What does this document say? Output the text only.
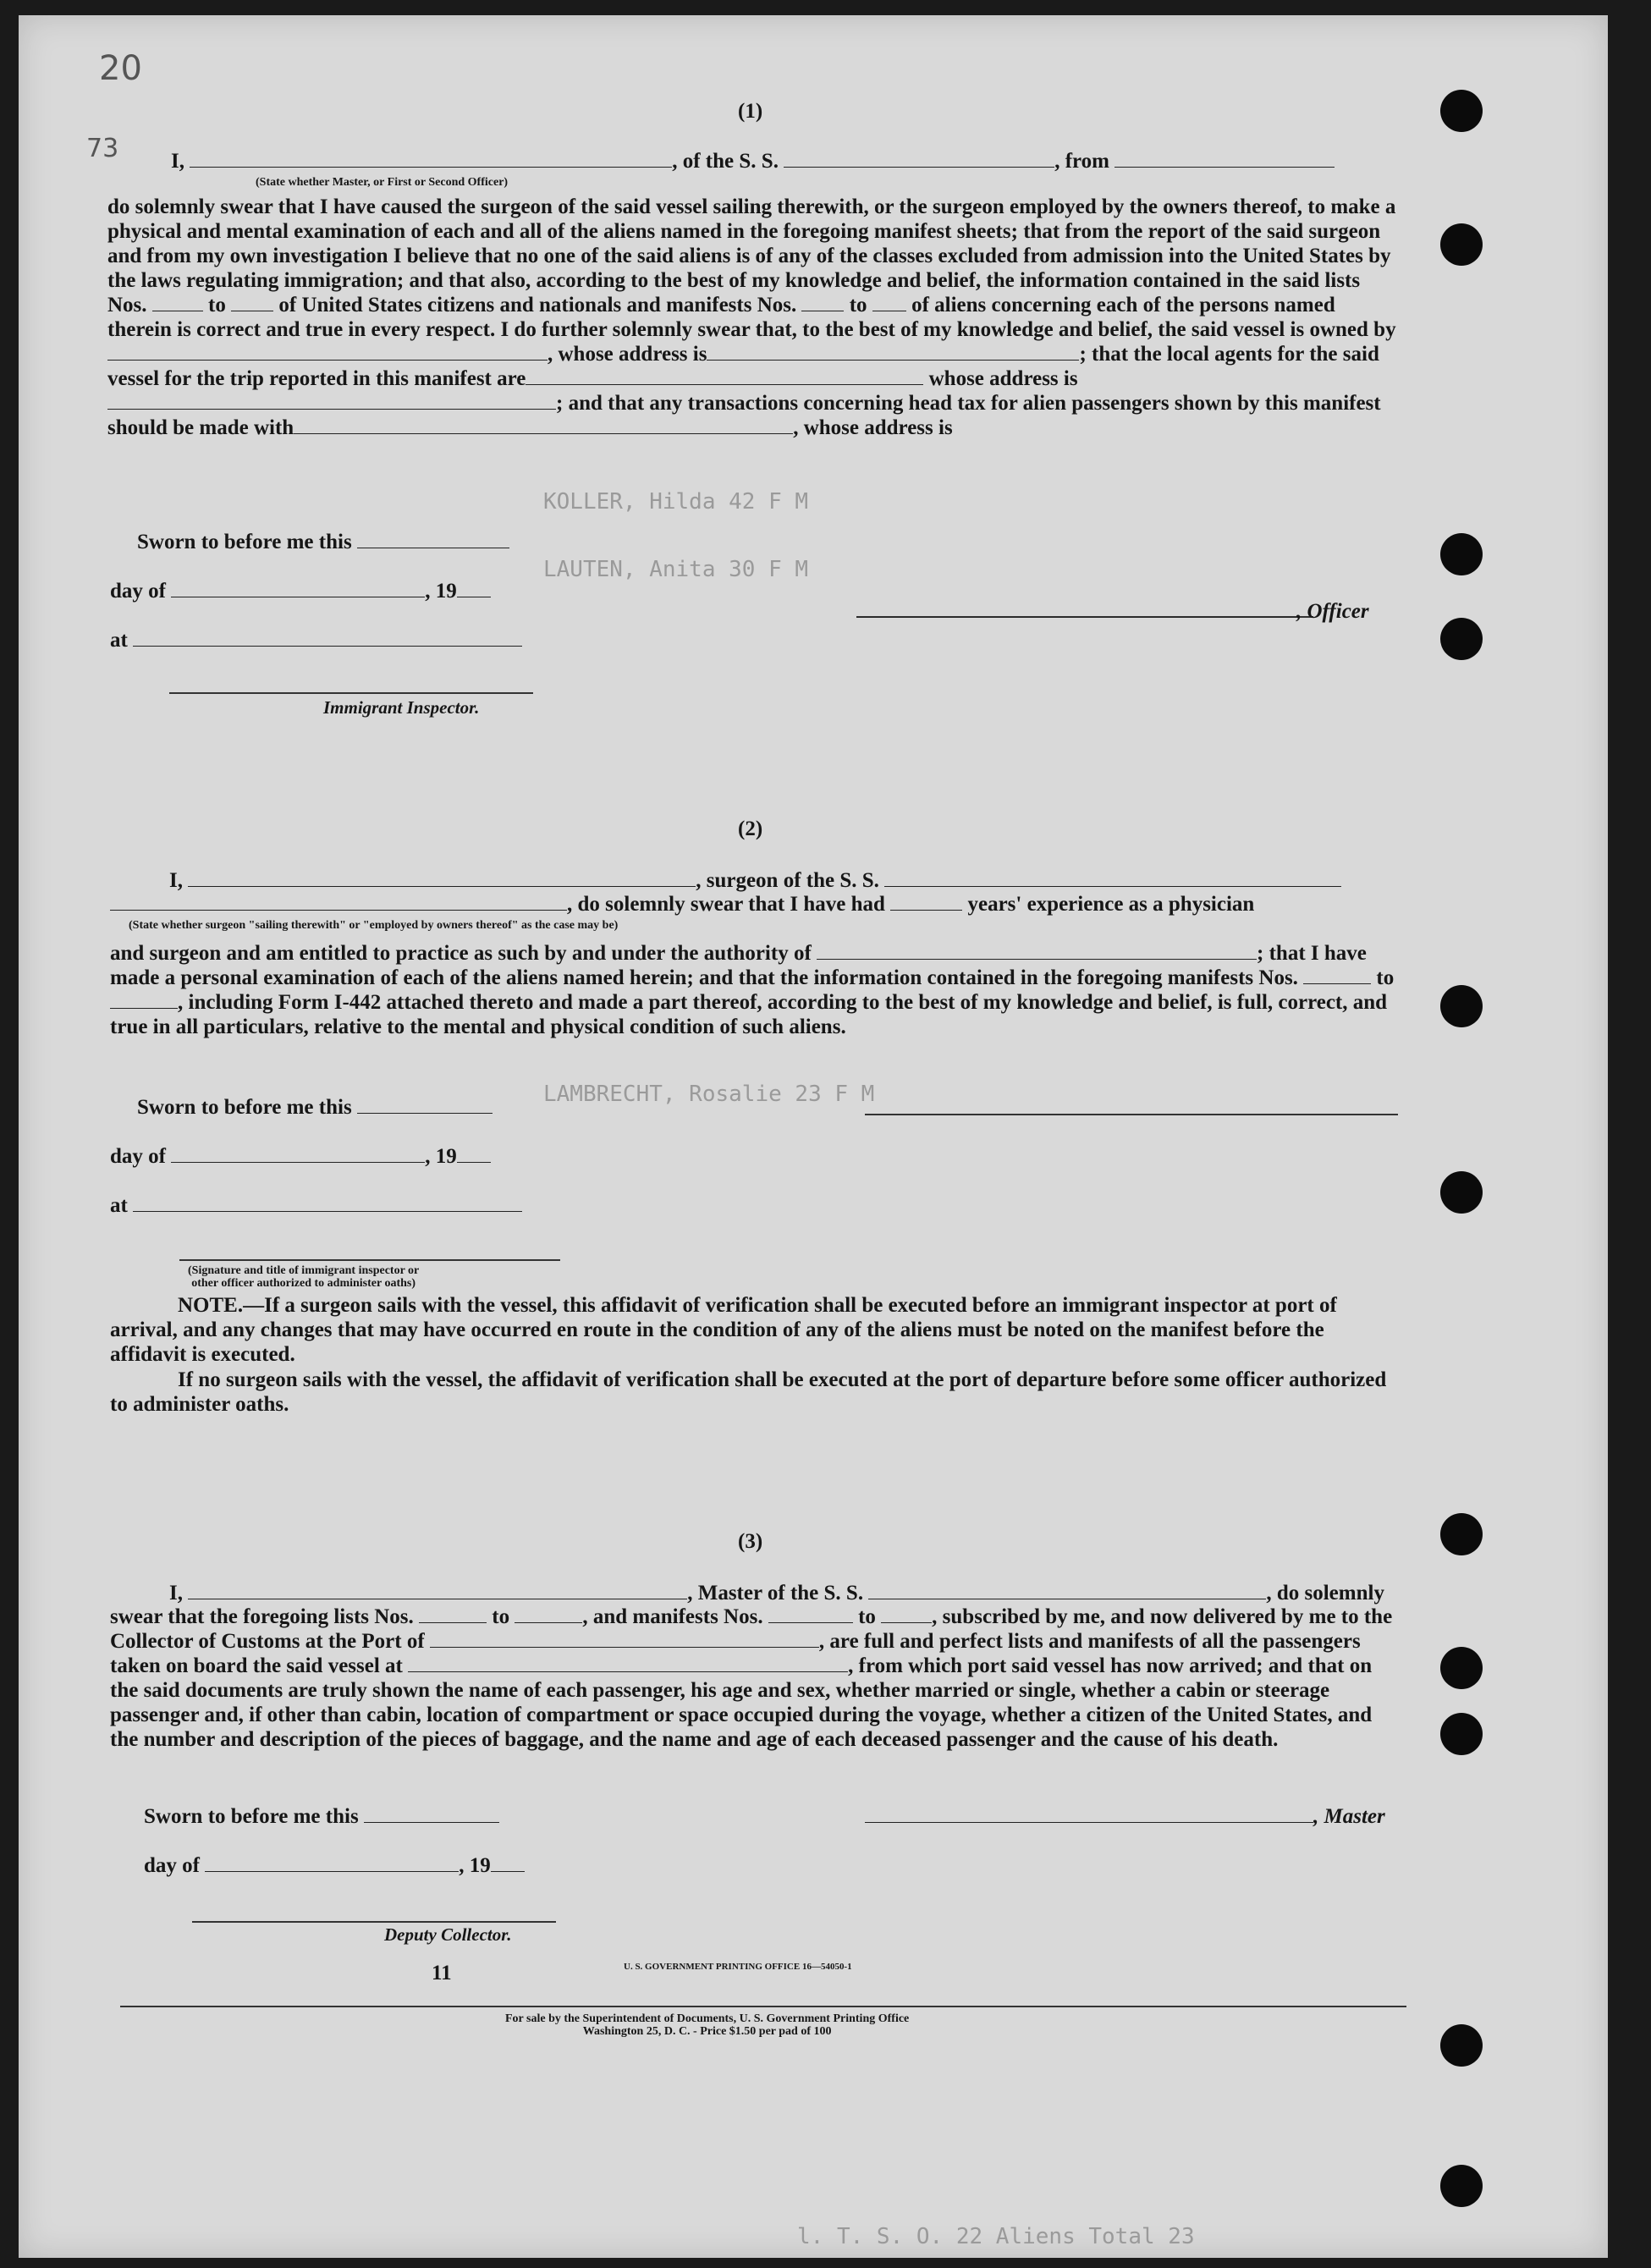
KOLLER, Hilda 42 F M
LAUTEN, Anita 30 F M
LAMBRECHT, Rosalie 23 F M
l. T. S. O. 22 Aliens Total 23
20
73
(1)
I,	, of the S. S.	, from
(State whether Master, or First or Second Officer)
do solemnly swear that I have caused the surgeon of the said vessel sailing therewith, or the surgeon employed by the owners thereof, to make a physical and mental examination of each and all of the aliens named in the foregoing manifest sheets; that from the report of the said surgeon and from my own investigation I believe that no one of the said aliens is of any of the classes excluded from admission into the United States by the laws regulating immigration; and that also, according to the best of my knowledge and belief, the information contained in the said lists Nos.	to	of United States citizens and nationals and manifests Nos.	to of aliens concerning each of the persons named therein is correct and true in every respect. I do further solemnly swear that, to the best of my knowledge and belief, the said vessel is owned by , whose address is	; that the local agents for the said vessel for the trip reported in this manifest are	whose address is; and that any transactions concerning head tax for alien passengers shown by this manifest should be made with	, whose address is
Sworn to before me this
day of	, 19
at
Immigrant Inspector.
, Officer
(2)
I,	, surgeon of the S. S.
, do solemnly swear that I have had	years' experience as a physician
(State whether surgeon "sailing therewith" or "employed by owners thereof" as the case may be)
and surgeon and am entitled to practice as such by and under the authority of	; that I have made a personal examination of each of the aliens named herein; and that the information contained in the foregoing manifests Nos.	to , including Form I-442 attached thereto and made a part thereof, according to the best of my knowledge and belief, is full, correct, and true in all particulars, relative to the mental and physical condition of such aliens.
Sworn to before me this
day of	, 19
at
(Signature and title of immigrant inspector or
other officer authorized to administer oaths)
NOTE.—If a surgeon sails with the vessel, this affidavit of verification shall be executed before an immigrant inspector at port of arrival, and any changes that may have occurred en route in the condition of any of the aliens must be noted on the manifest before the affidavit is executed.
If no surgeon sails with the vessel, the affidavit of verification shall be executed at the port of departure before some officer authorized to administer oaths.
(3)
I,	, Master of the S. S.	, do solemnly
swear that the foregoing lists Nos.	to	, and manifests Nos.	to	, subscribed by me, and now delivered by me to the Collector of Customs at the Port of	, are full and perfect lists and manifests of all the passengers taken on board the said vessel at	, from which port said vessel has now arrived; and that on the said documents are truly shown the name of each passenger, his age and sex, whether married or single, whether a cabin or steerage passenger and, if other than cabin, location of compartment or space occupied during the voyage, whether a citizen of the United States, and the number and description of the pieces of baggage, and the name and age of each deceased passenger and the cause of his death.
Sworn to before me this	, Master
day of	, 19
Deputy Collector.
11	U. S. GOVERNMENT PRINTING OFFICE 16—54050-1
For sale by the Superintendent of Documents, U. S. Government Printing Office
Washington 25, D. C. - Price $1.50 per pad of 100
